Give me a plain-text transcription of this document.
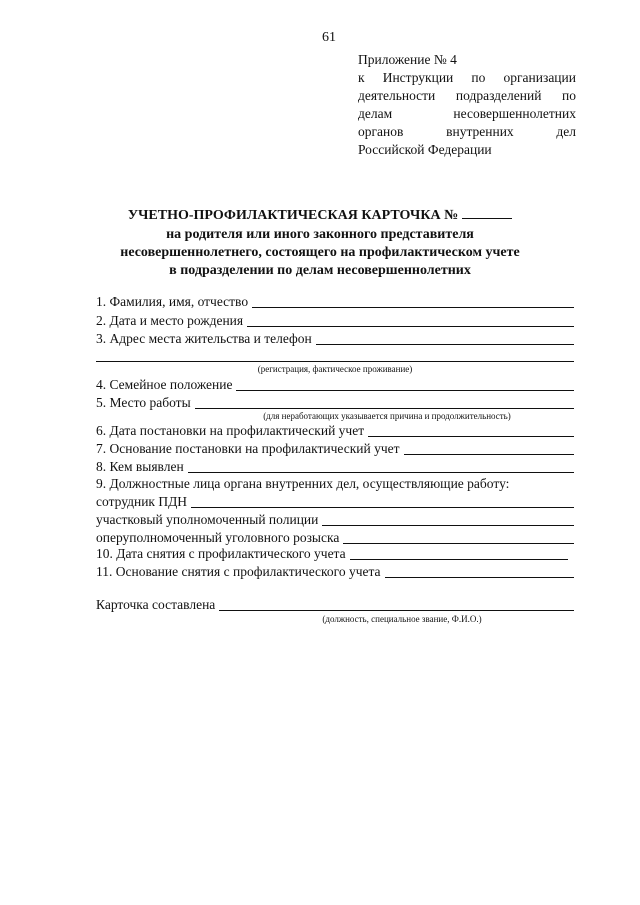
61
Приложение № 4
к Инструкции по организации
деятельности подразделений по
делам несовершеннолетних
органов внутренних дел
Российской Федерации
УЧЕТНО-ПРОФИЛАКТИЧЕСКАЯ КАРТОЧКА №
на родителя или иного законного представителя
несовершеннолетнего, состоящего на профилактическом учете
в подразделении по делам несовершеннолетних
1. Фамилия, имя, отчество
2. Дата и место рождения
3. Адрес места жительства и телефон
(регистрация, фактическое проживание)
4. Семейное положение
5. Место работы
(для неработающих указывается причина и продолжительность)
6. Дата постановки на профилактический учет
7. Основание постановки на профилактический учет
8. Кем выявлен
9. Должностные лица органа внутренних дел, осуществляющие работу:
сотрудник ПДН
участковый уполномоченный полиции
оперуполномоченный уголовного розыска
10. Дата снятия с профилактического учета
11. Основание снятия с профилактического учета
Карточка составлена
(должность, специальное звание, Ф.И.О.)
